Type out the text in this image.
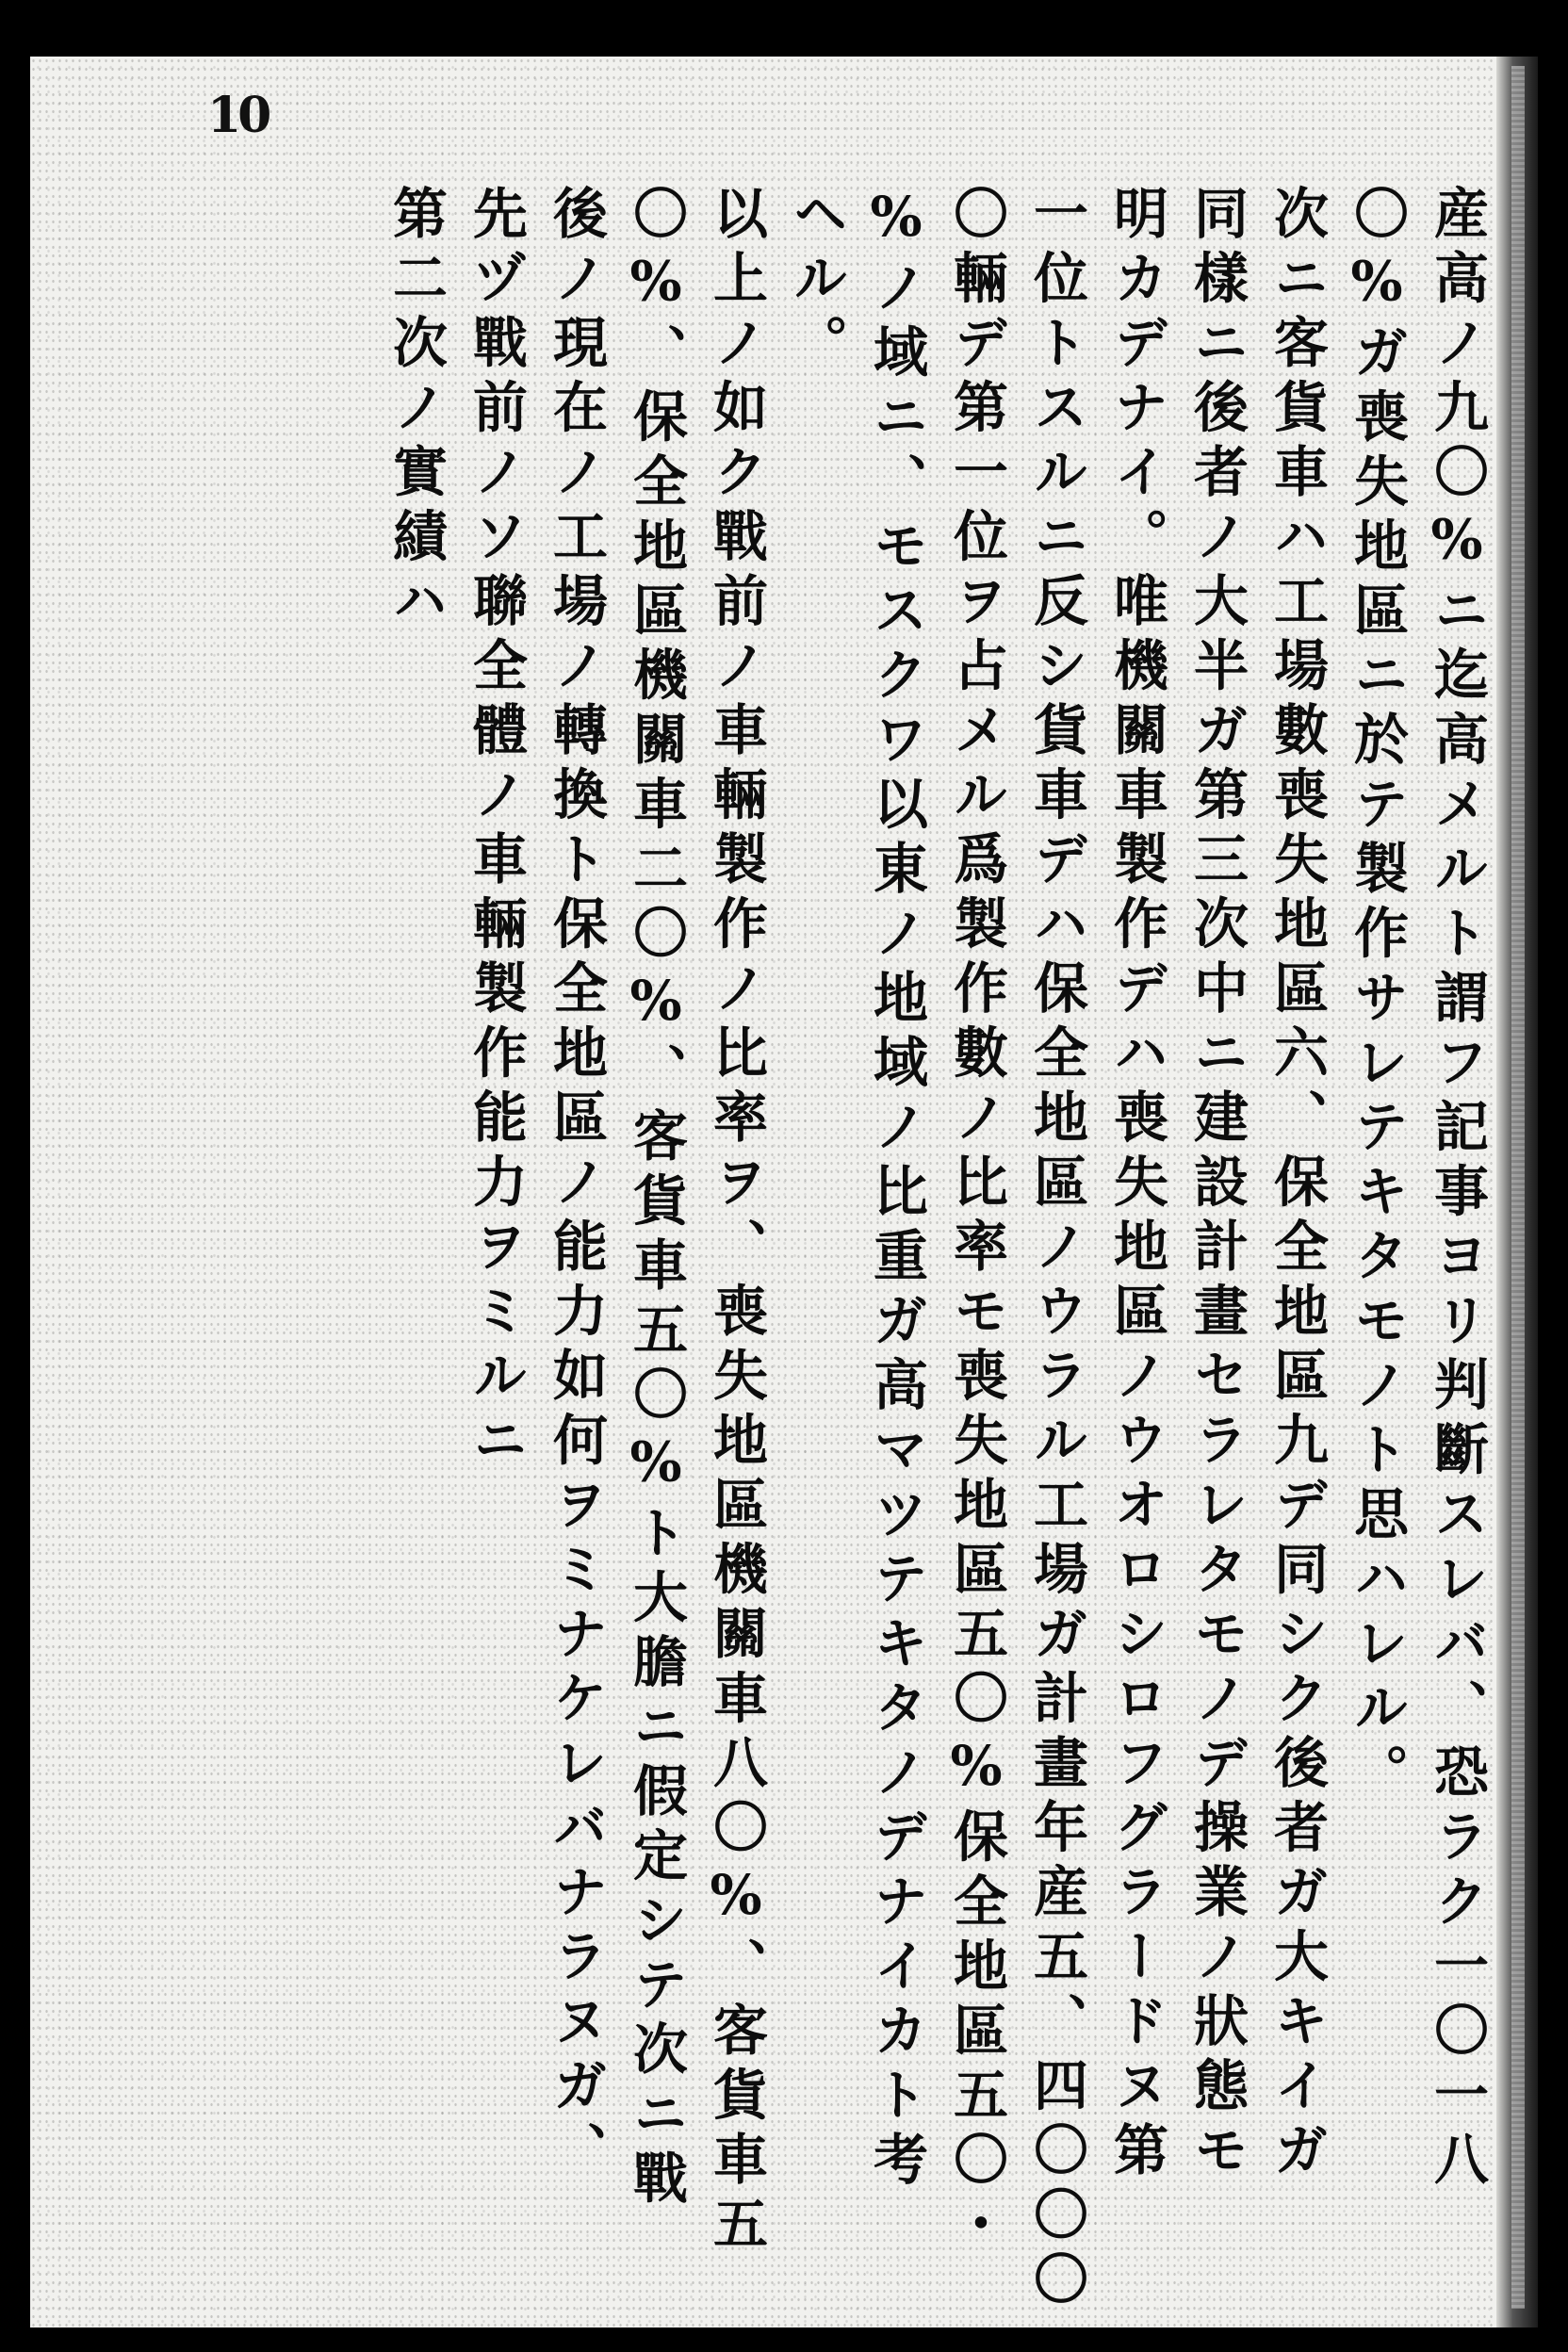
10
産高ノ九〇%ニ迄高メルト謂フ記事ヨリ判斷スレバ、恐ラク一〇一八
〇%ガ喪失地區ニ於テ製作サレテキタモノト思ハレル。
次ニ客貨車ハ工場數喪失地區六、保全地區九デ同シク後者ガ大キイガ
同樣ニ後者ノ大半ガ第三次中ニ建設計畫セラレタモノデ操業ノ狀態モ
明カデナイ。唯機關車製作デハ喪失地區ノウオロシロフグラードヌ第
一位トスルニ反シ貨車デハ保全地區ノウラル工場ガ計畫年産五、四〇〇〇
〇輛デ第一位ヲ占メル爲製作數ノ比率モ喪失地區五〇%保全地區五〇・
%ノ域ニ、モスクワ以東ノ地域ノ比重ガ高マツテキタノデナイカト考
ヘル。
以上ノ如ク戰前ノ車輛製作ノ比率ヲ、喪失地區機關車八〇%、客貨車五
〇%、保全地區機關車二〇%、客貨車五〇%ト大膽ニ假定シテ次ニ戰
後ノ現在ノ工場ノ轉換ト保全地區ノ能力如何ヲミナケレバナラヌガ、
先ヅ戰前ノソ聯全體ノ車輛製作能力ヲミルニ
第二次ノ實績ハ
